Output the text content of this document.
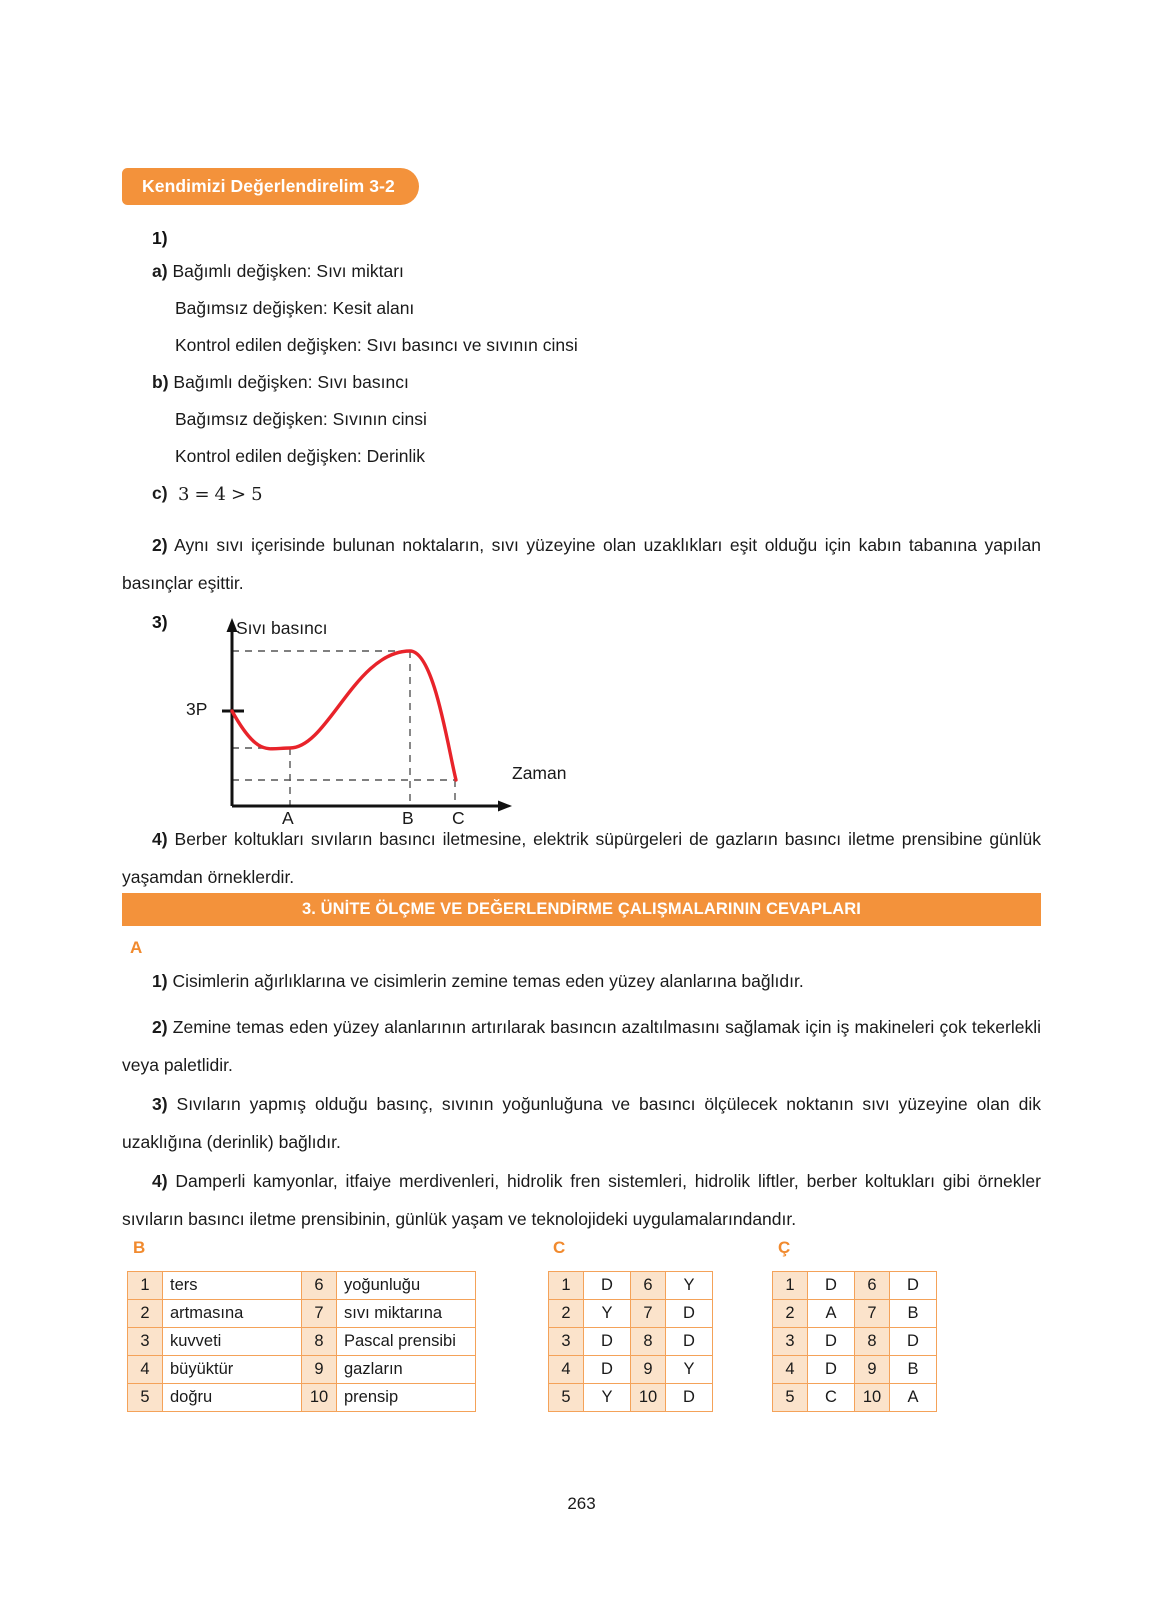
Kendimizi Değerlendirelim 3-2
1)
a) Bağımlı değişken: Sıvı miktarı
Bağımsız değişken: Kesit alanı
Kontrol edilen değişken: Sıvı basıncı ve sıvının cinsi
b) Bağımlı değişken: Sıvı basıncı
Bağımsız değişken: Sıvının cinsi
Kontrol edilen değişken: Derinlik
c) 3 = 4 > 5
2) Aynı sıvı içerisinde bulunan noktaların, sıvı yüzeyine olan uzaklıkları eşit olduğu için kabın tabanına yapılan basınçlar eşittir.
3)	Sıvı basıncı
Zaman
3P
A	B C
4) Berber koltukları sıvıların basıncı iletmesine, elektrik süpürgeleri de gazların basıncı iletme prensibine günlük yaşamdan örneklerdir.
3. ÜNİTE ÖLÇME VE DEĞERLENDİRME ÇALIŞMALARININ CEVAPLARI
A
1) Cisimlerin ağırlıklarına ve cisimlerin zemine temas eden yüzey alanlarına bağlıdır.
2) Zemine temas eden yüzey alanlarının artırılarak basıncın azaltılmasını sağlamak için iş makineleri çok tekerlekli veya paletlidir.
3) Sıvıların yapmış olduğu basınç, sıvının yoğunluğuna ve basıncı ölçülecek noktanın sıvı yüzeyine olan dik uzaklığına (derinlik) bağlıdır.
4) Damperli kamyonlar, itfaiye merdivenleri, hidrolik fren sistemleri, hidrolik liftler, berber koltukları gibi örnekler sıvıların basıncı iletme prensibinin, günlük yaşam ve teknolojideki uygulamalarındandır.
B
1	ters	6	yoğunluğu
2	artmasına	7	sıvı miktarına
3	kuvveti	8	Pascal prensibi
4	büyüktür	9	gazların
5	doğru	10	prensip
C
1	D	6	Y
2	Y	7	D
3	D	8	D
4	D	9	Y
5	Y	10	D
Ç
1	D	6	D
2	A	7	B
3	D	8	D
4	D	9	B
5	C	10	A
263
